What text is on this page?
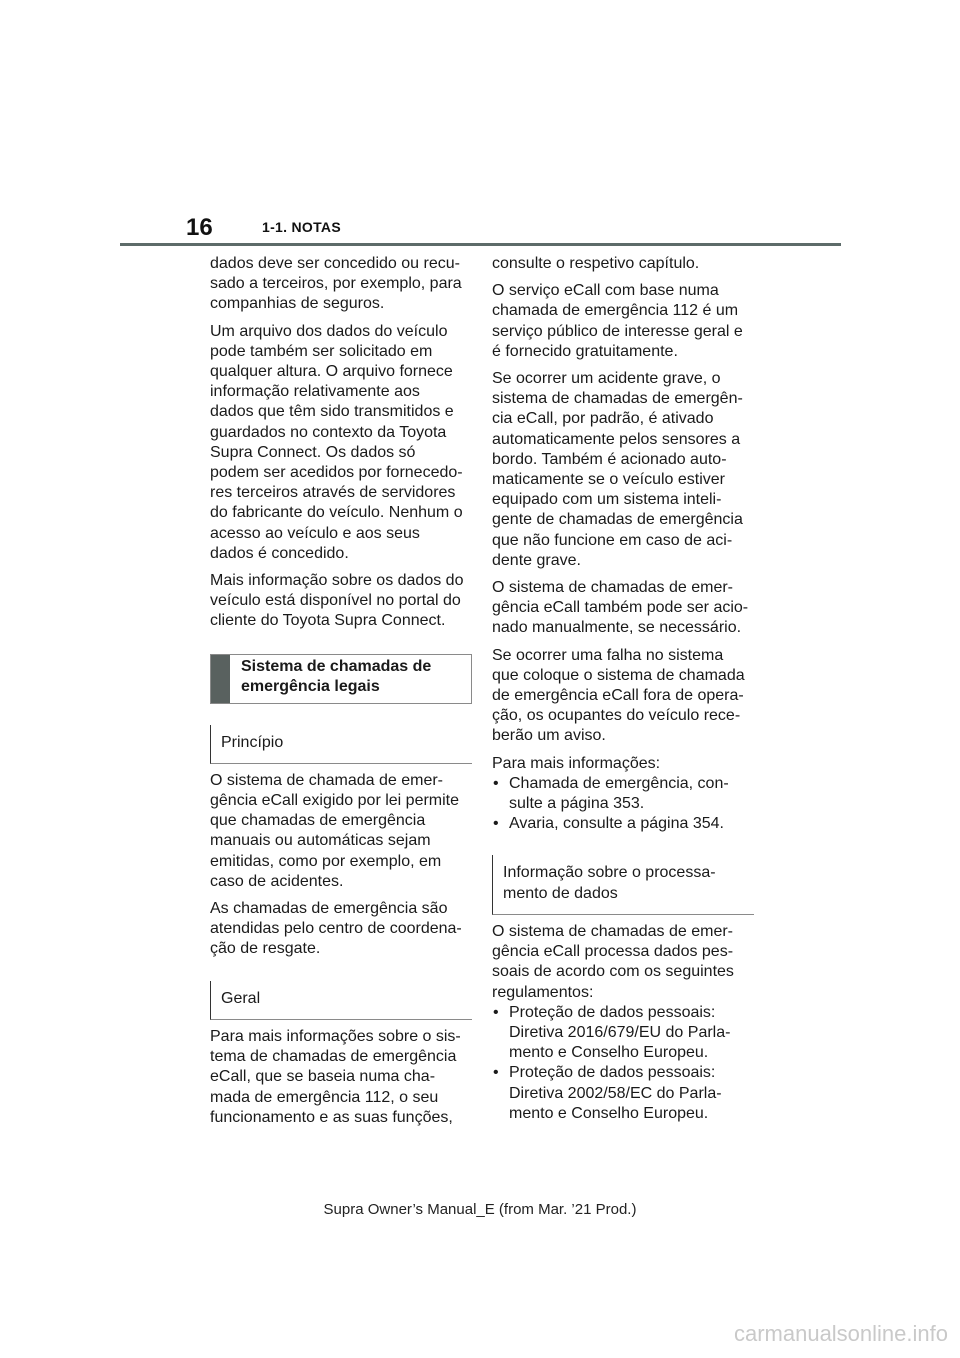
16	1-1. NOTAS

dados deve ser concedido ou recu-
sado a terceiros, por exemplo, para
companhias de seguros.

Um arquivo dos dados do veículo
pode também ser solicitado em
qualquer altura. O arquivo fornece
informação relativamente aos
dados que têm sido transmitidos e
guardados no contexto da Toyota
Supra Connect. Os dados só
podem ser acedidos por fornecedo-
res terceiros através de servidores
do fabricante do veículo. Nenhum o
acesso ao veículo e aos seus
dados é concedido.

Mais informação sobre os dados do
veículo está disponível no portal do
cliente do Toyota Supra Connect.

Sistema de chamadas de
emergência legais
Princípio

O sistema de chamada de emer-
gência eCall exigido por lei permite
que chamadas de emergência
manuais ou automáticas sejam
emitidas, como por exemplo, em
caso de acidentes.

As chamadas de emergência são
atendidas pelo centro de coordena-
ção de resgate.

Geral

Para mais informações sobre o sis-
tema de chamadas de emergência
eCall, que se baseia numa cha-
mada de emergência 112, o seu
funcionamento e as suas funções,

consulte o respetivo capítulo.

O serviço eCall com base numa
chamada de emergência 112 é um
serviço público de interesse geral e
é fornecido gratuitamente.

Se ocorrer um acidente grave, o
sistema de chamadas de emergên-
cia eCall, por padrão, é ativado
automaticamente pelos sensores a
bordo. Também é acionado auto-
maticamente se o veículo estiver
equipado com um sistema inteli-
gente de chamadas de emergência
que não funcione em caso de aci-
dente grave.

O sistema de chamadas de emer-
gência eCall também pode ser acio-
nado manualmente, se necessário.

Se ocorrer uma falha no sistema
que coloque o sistema de chamada
de emergência eCall fora de opera-
ção, os ocupantes do veículo rece-
berão um aviso.

Para mais informações:

• Chamada de emergência, con-
sulte a página 353.
• Avaria, consulte a página 354.
Informação sobre o processa-
mento de dados

O sistema de chamadas de emer-
gência eCall processa dados pes-
soais de acordo com os seguintes
regulamentos:

• Proteção de dados pessoais:
Diretiva 2016/679/EU do Parla-
mento e Conselho Europeu.
• Proteção de dados pessoais:
Diretiva 2002/58/EC do Parla-
mento e Conselho Europeu.
Supra Owner’s Manual_E (from Mar. ’21 Prod.)
carmanualsonline.info
